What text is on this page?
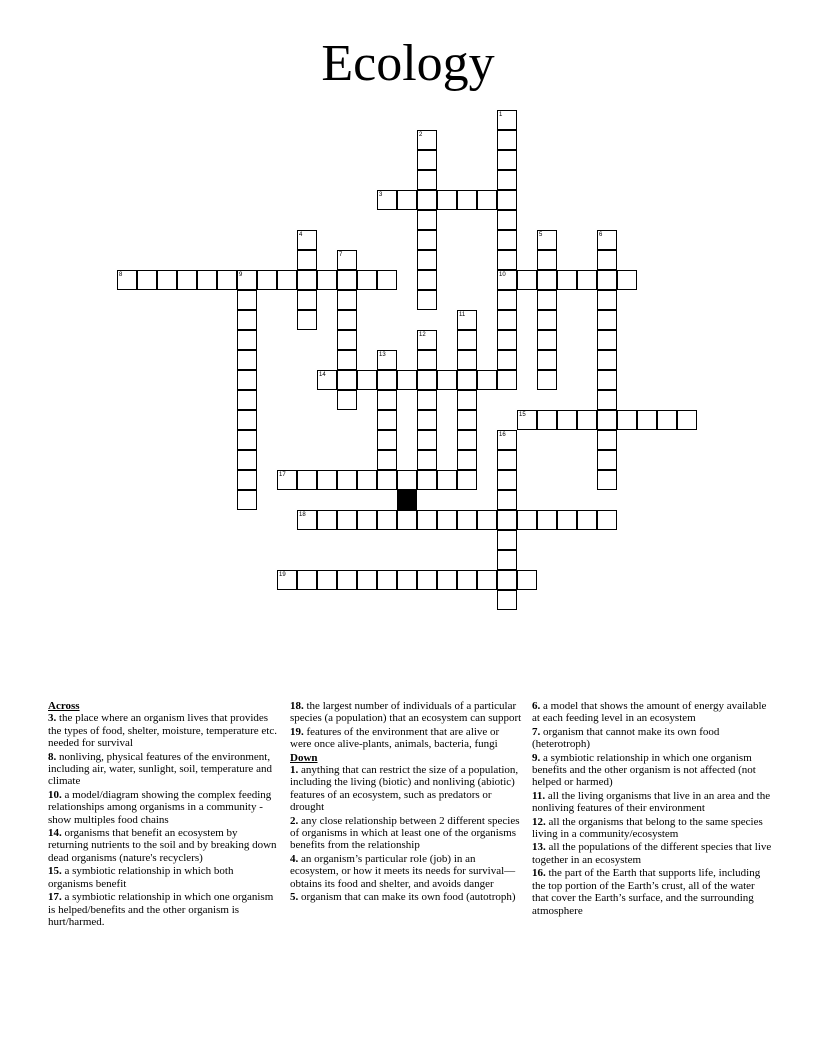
Ecology
1
10
2
3
4	5	6
7
8	9
11
12
13
14
15
16
17
18
19
Across
3. the place where an organism lives that provides the types of food, shelter, moisture, temperature etc. needed for survival
8. nonliving, physical features of the environment, including air, water, sunlight, soil, temperature and climate
10. a model/diagram showing the complex feeding relationships among organisms in a community -show multiples food chains
14. organisms that benefit an ecosystem by returning nutrients to the soil and by breaking down dead organisms (nature's recyclers)
15. a symbiotic relationship in which both organisms benefit
17. a symbiotic relationship in which one organism is helped/benefits and the other organism is hurt/harmed.
18. the largest number of individuals of a particular species (a population) that an ecosystem can support
19. features of the environment that are alive or were once alive-plants, animals, bacteria, fungi
Down
1. anything that can restrict the size of a population, including the living (biotic) and nonliving (abiotic) features of an ecosystem, such as predators or drought
2. any close relationship between 2 different species of organisms in which at least one of the organisms benefits from the relationship
4. an organism’s particular role (job) in an ecosystem, or how it meets its needs for survival—obtains its food and shelter, and avoids danger
5. organism that can make its own food (autotroph)
6. a model that shows the amount of energy available at each feeding level in an ecosystem
7. organism that cannot make its own food (heterotroph)
9. a symbiotic relationship in which one organism benefits and the other organism is not affected (not helped or harmed)
11. all the living organisms that live in an area and the nonliving features of their environment
12. all the organisms that belong to the same species living in a community/ecosystem
13. all the populations of the different species that live together in an ecosystem
16. the part of the Earth that supports life, including the top portion of the Earth’s crust, all of the water that cover the Earth’s surface, and the surrounding atmosphere
